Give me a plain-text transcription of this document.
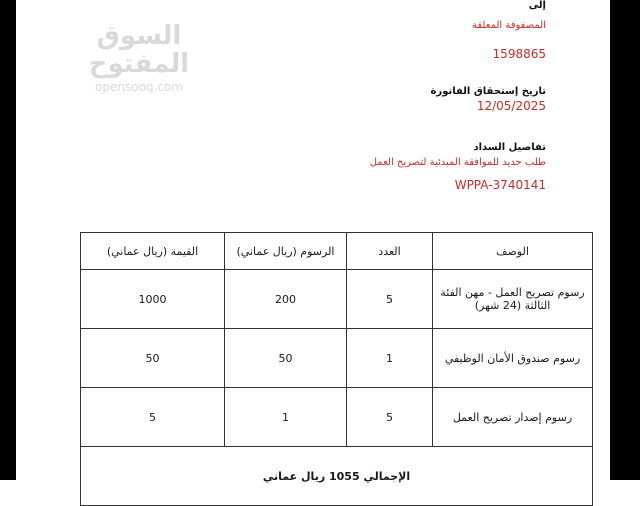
السوق المفتوح
opensooq.com
إلى
المصفوفة المعلقة
1598865
تاريخ إستحقاق الفاتورة
12/05/2025
تفاصيل السداد
طلب جديد للموافقة المبدئية لتصريح العمل
WPPA-3740141
الوصف	العدد	الرسوم (ريال عماني)	القيمة (ريال عماني)
رسوم تصريح العمل - مهن الفئة الثالثة (24 شهر)	5	200	1000
رسوم صندوق الأمان الوظيفي	1	50	50
رسوم إصدار تصريح العمل	5	1	5
الإجمالي 1055 ريال عماني			
